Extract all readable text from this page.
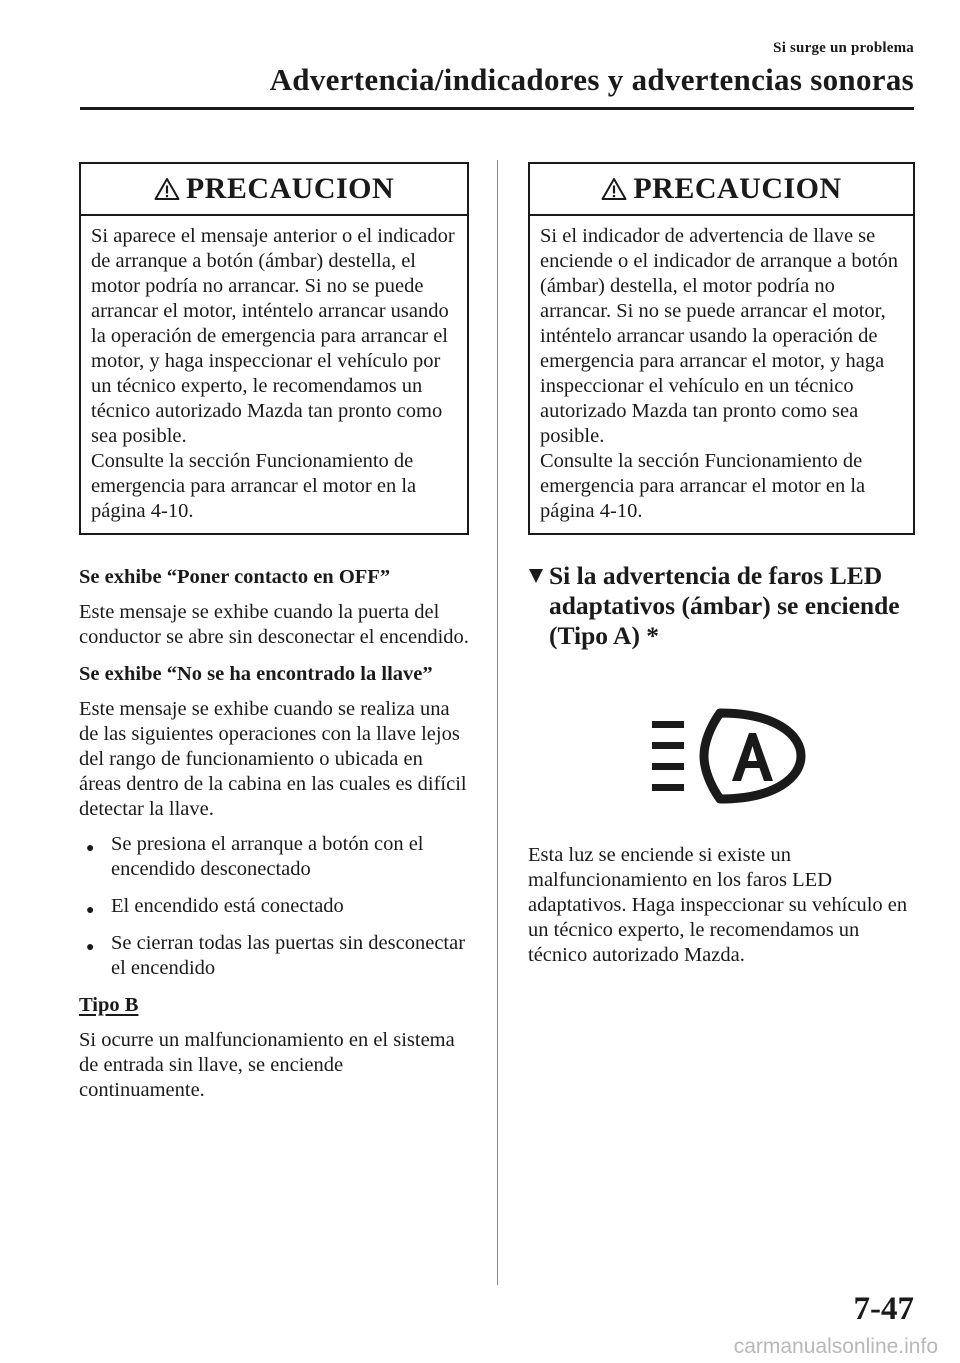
Si surge un problema
Advertencia/indicadores y advertencias sonoras
PRECAUCION
Si aparece el mensaje anterior o el indicador de arranque a botón (ámbar) destella, el motor podría no arrancar. Si no se puede arrancar el motor, inténtelo arrancar usando la operación de emergencia para arrancar el motor, y haga inspeccionar el vehículo por un técnico experto, le recomendamos un técnico autorizado Mazda tan pronto como sea posible.
Consulte la sección Funcionamiento de emergencia para arrancar el motor en la página 4-10.
Se exhibe “Poner contacto en OFF”
Este mensaje se exhibe cuando la puerta del conductor se abre sin desconectar el encendido.
Se exhibe “No se ha encontrado la llave”
Este mensaje se exhibe cuando se realiza una de las siguientes operaciones con la llave lejos del rango de funcionamiento o ubicada en áreas dentro de la cabina en las cuales es difícil detectar la llave.
● Se presiona el arranque a botón con el encendido desconectado
● El encendido está conectado
● Se cierran todas las puertas sin desconectar el encendido
Tipo B
Si ocurre un malfuncionamiento en el sistema de entrada sin llave, se enciende continuamente.
PRECAUCION
Si el indicador de advertencia de llave se enciende o el indicador de arranque a botón (ámbar) destella, el motor podría no arrancar. Si no se puede arrancar el motor, inténtelo arrancar usando la operación de emergencia para arrancar el motor, y haga inspeccionar el vehículo en un técnico autorizado Mazda tan pronto como sea posible.
Consulte la sección Funcionamiento de emergencia para arrancar el motor en la página 4-10.
Si la advertencia de faros LED adaptativos (ámbar) se enciende (Tipo A) *
Esta luz se enciende si existe un malfuncionamiento en los faros LED adaptativos. Haga inspeccionar su vehículo en un técnico experto, le recomendamos un técnico autorizado Mazda.
7-47
carmanualsonline.info
